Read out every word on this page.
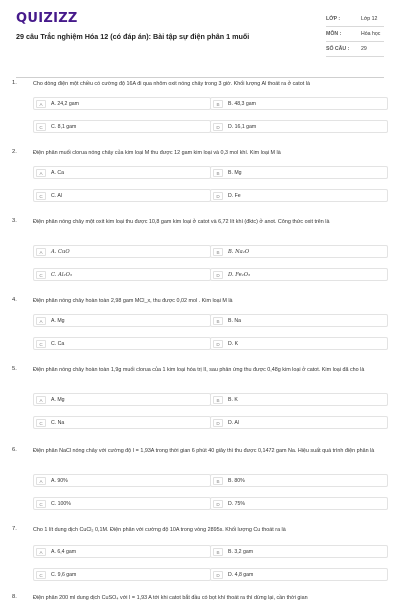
QUIZIZZ
29 câu Trắc nghiệm Hóa 12 (có đáp án): Bài tập sự điện phân 1 muối
LỚP :	Lớp 12
MÔN :	Hóa học
SỐ CÂU : 29
1.	Cho dòng điện một chiều có cường độ 16A đi qua nhôm oxit nóng chảy trong 3 giờ. Khối lượng Al thoát ra ở catot là
A	A. 24,2 gam	B	B. 48,3 gam
C	C. 8,1 gam	D	D. 16,1 gam
2.	Điện phân muối clorua nóng chảy của kim loại M thu được 12 gam kim loại và 0,3 mol khí. Kim loại M là
A	A. Ca	B	B. Mg
C	C. Al	D	D. Fe
3.	Điện phân nóng chảy một oxit kim loại thu được 10,8 gam kim loại ở catot và 6,72 lít khí (đktc) ở anot. Công thức oxit trên là
A	A. CuO	B	B. Na₂O
C	C. Al₂O₃	D	D. Fe₂O₃
4.	Điện phân nóng chảy hoàn toàn 2,98 gam MCl_x, thu được 0,02 mol . Kim loại M là
A	A. Mg	B	B. Na
C	C. Ca	D	D. K
5.	Điện phân nóng chảy hoàn toàn 1,9g muối clorua của 1 kim loại hóa trị II, sau phản ứng thu được 0,48g kim loại ở catot. Kim loại đã cho là
A	A. Mg	B	B. K
C	C. Na	D	D. Al
6.	Điện phân NaCl nóng chảy với cường độ I = 1,93A trong thời gian 6 phút 40 giây thì thu được 0,1472 gam Na. Hiệu suất quá trình điện phân là
A	A. 90%	B	B. 80%
C	C. 100%	D	D. 75%
7.	Cho 1 lít dung dịch CuCl₂ 0,1M. Điện phân với cường độ 10A trong vòng 2895s. Khối lượng Cu thoát ra là
A	A. 6,4 gam	B	B. 3,2 gam
C	C. 9,6 gam	D	D. 4,8 gam
8.	Điện phân 200 ml dung dịch CuSO₄ với I = 1,93 A tới khi catot bắt đầu có bọt khí thoát ra thì dừng lại, cần thời gian
